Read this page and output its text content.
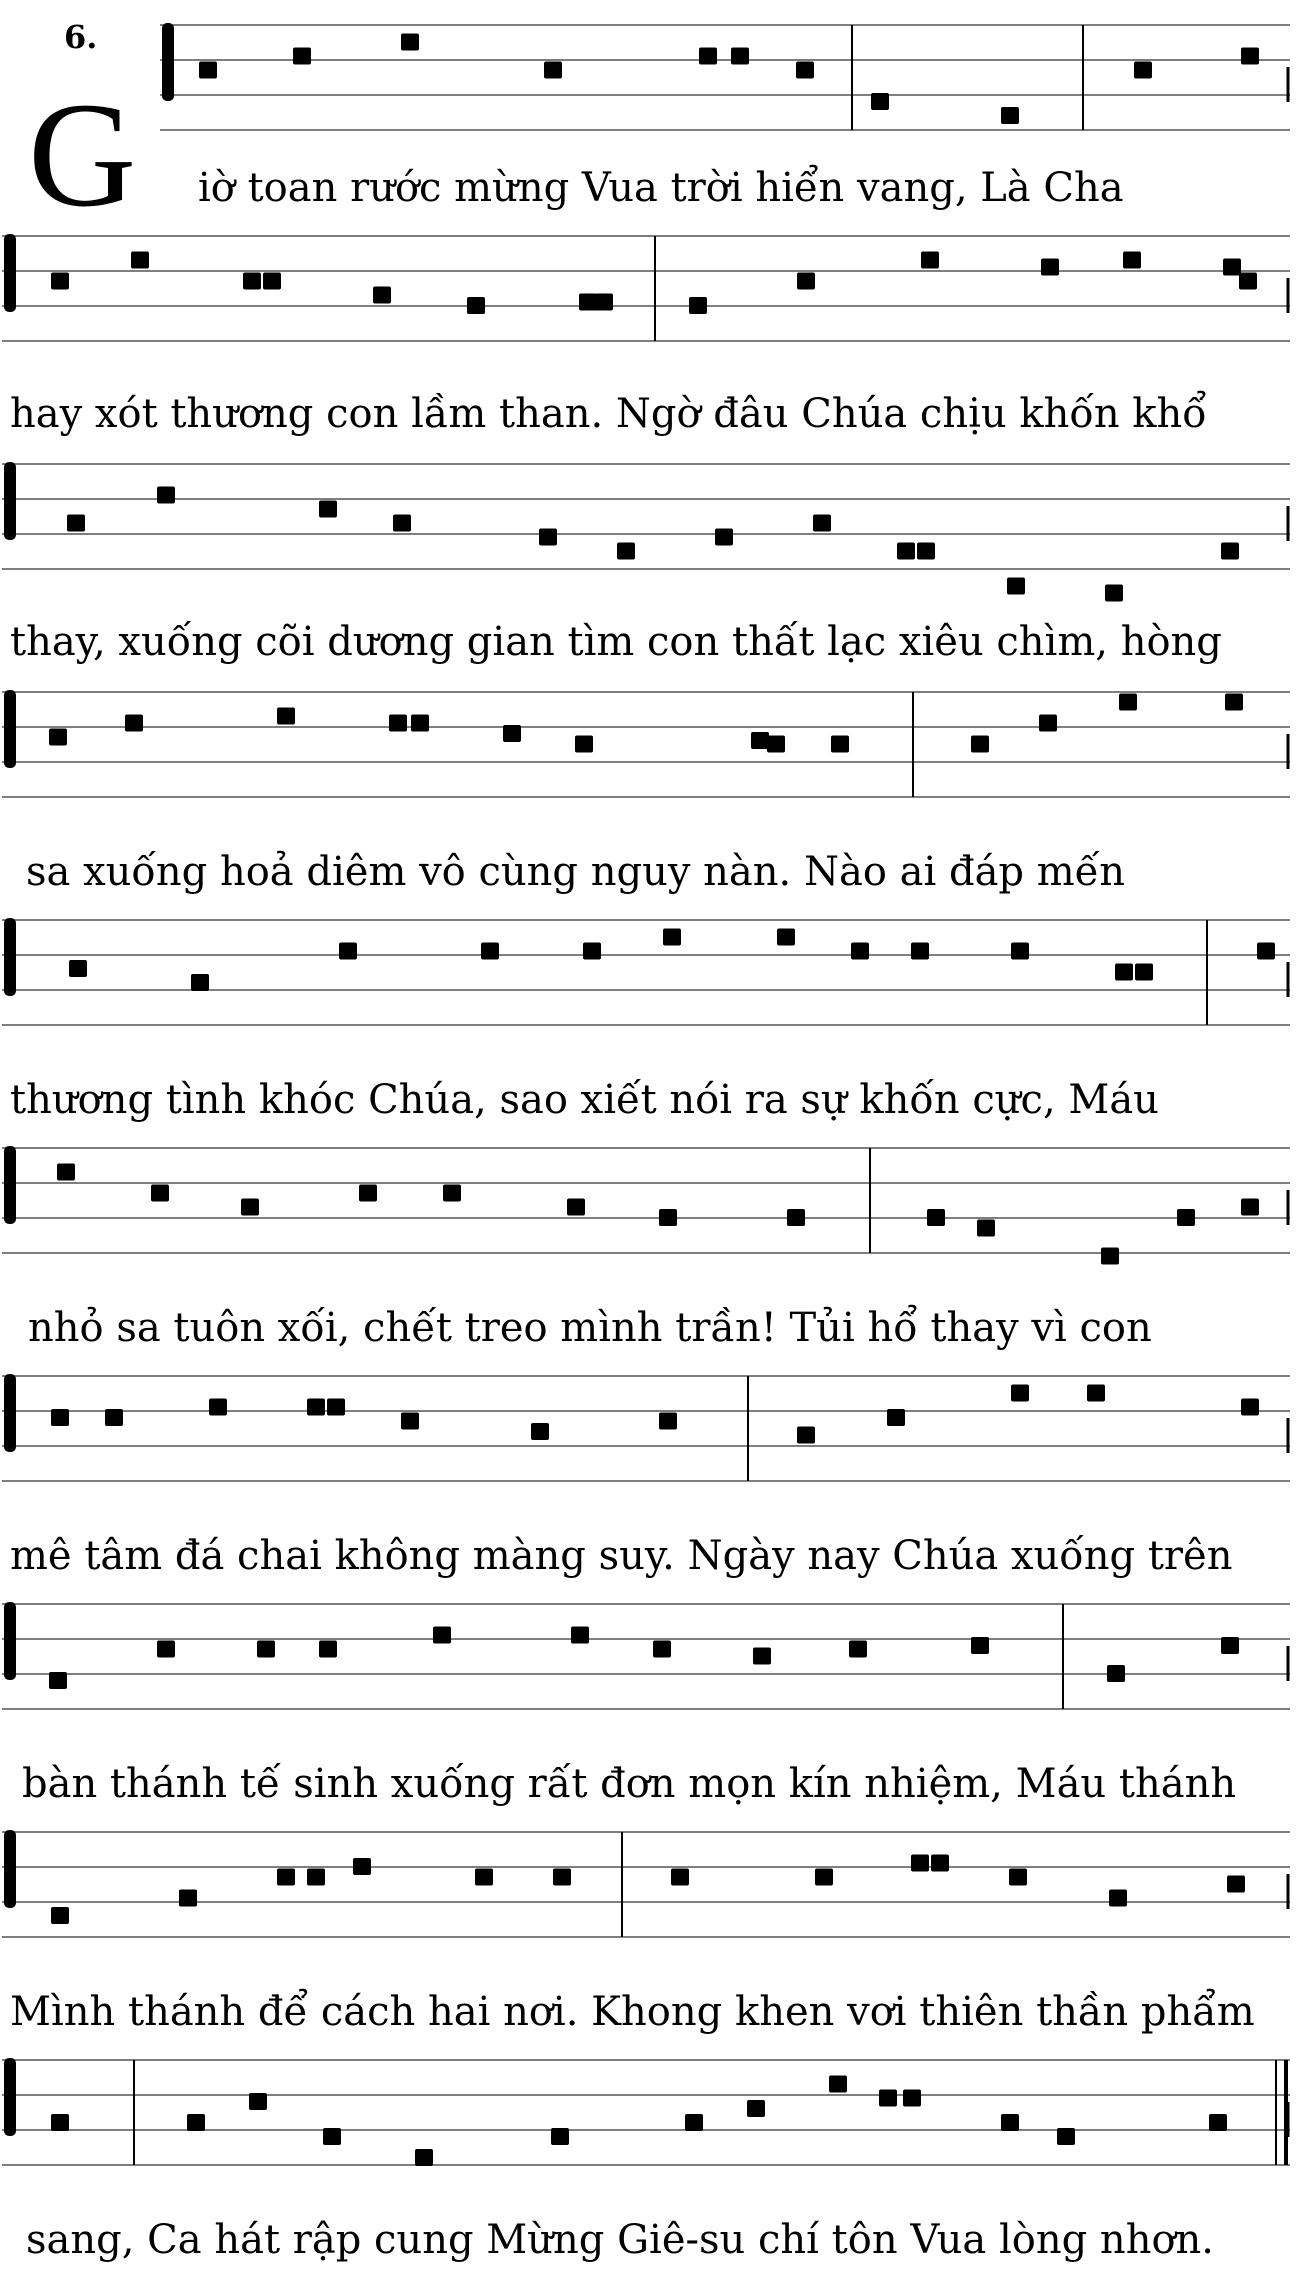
6.
G iờ toan rước mừng Vua trời hiển vang, Là Cha
hay xót thương con lầm than. Ngờ đâu Chúa chịu khốn khổ
thay, xuống cõi dương gian tìm con thất lạc xiêu chìm, hòng
sa xuống hoả diêm vô cùng nguy nàn. Nào ai đáp mến
thương tình khóc Chúa, sao xiết nói ra sự khốn cực, Máu
nhỏ sa tuôn xối, chết treo mình trần! Tủi hổ thay vì con
mê tâm đá chai không màng suy. Ngày nay Chúa xuống trên
bàn thánh tế sinh xuống rất đơn mọn kín nhiệm, Máu thánh
Mình thánh để cách hai nơi. Khong khen vơi thiên thần phẩm
sang, Ca hát rập cung Mừng Giê-su chí tôn Vua lòng nhơn.
